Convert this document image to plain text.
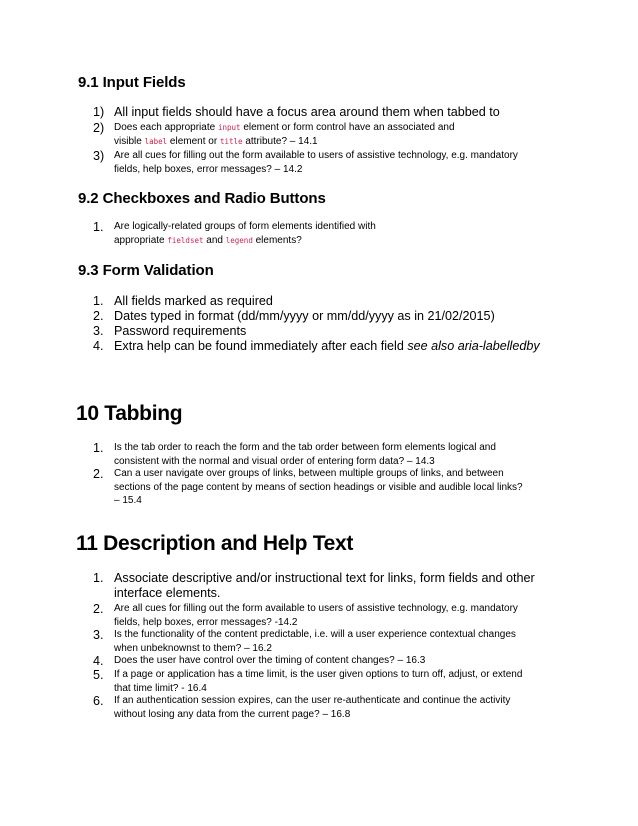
9.1 Input Fields
1) All input fields should have a focus area around them when tabbed to
2) Does each appropriate input element or form control have an associated and
visible label element or title attribute? – 14.1
3) Are all cues for filling out the form available to users of assistive technology, e.g. mandatory
fields, help boxes, error messages? – 14.2
9.2 Checkboxes and Radio Buttons
1. Are logically-related groups of form elements identified with
appropriate fieldset and legend elements?
9.3 Form Validation
1. All fields marked as required
2. Dates typed in format (dd/mm/yyyy or mm/dd/yyyy as in 21/02/2015)
3. Password requirements
4. Extra help can be found immediately after each field see also aria-labelledby
10 Tabbing
1. Is the tab order to reach the form and the tab order between form elements logical and
consistent with the normal and visual order of entering form data? – 14.3
2. Can a user navigate over groups of links, between multiple groups of links, and between
sections of the page content by means of section headings or visible and audible local links?
– 15.4
11 Description and Help Text
1. Associate descriptive and/or instructional text for links, form fields and other
interface elements.
2. Are all cues for filling out the form available to users of assistive technology, e.g. mandatory
fields, help boxes, error messages? -14.2
3. Is the functionality of the content predictable, i.e. will a user experience contextual changes
when unbeknownst to them? – 16.2
4. Does the user have control over the timing of content changes? – 16.3
5. If a page or application has a time limit, is the user given options to turn off, adjust, or extend
that time limit? - 16.4
6. If an authentication session expires, can the user re-authenticate and continue the activity
without losing any data from the current page? – 16.8
